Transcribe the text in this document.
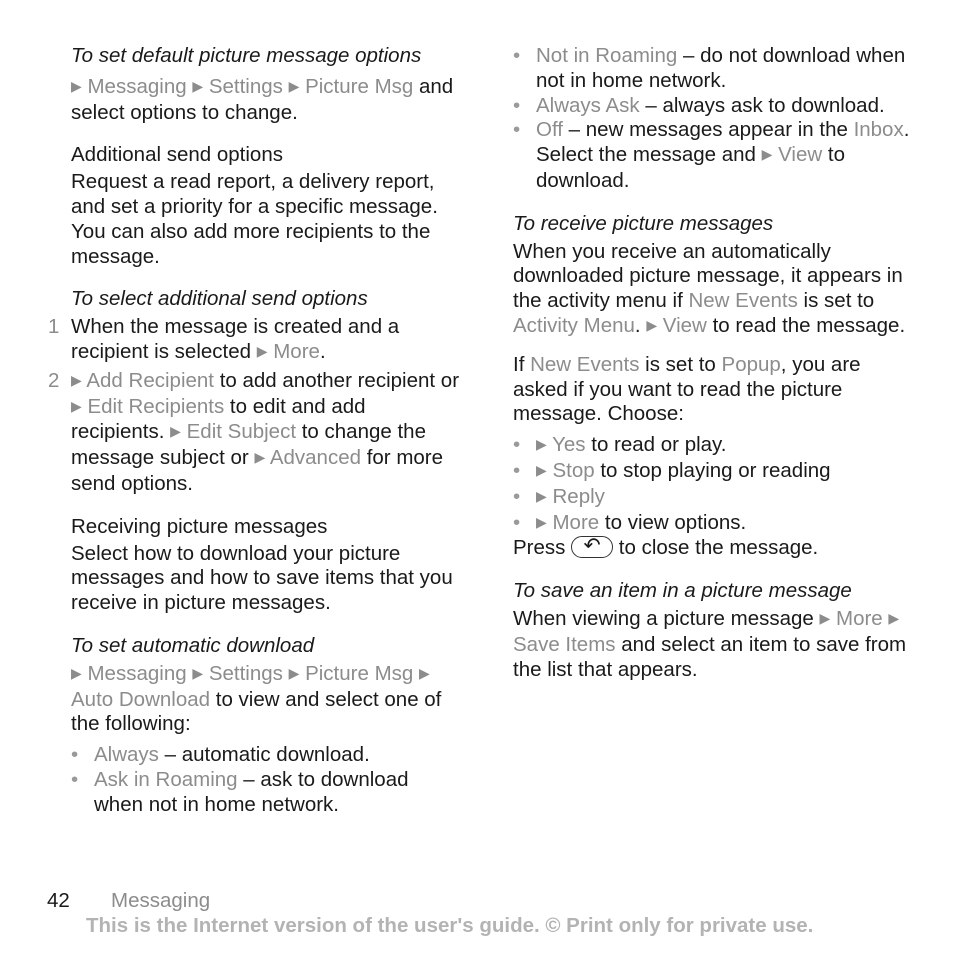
To set default picture message options

▶ Messaging ▶ Settings ▶ Picture Msg and select options to change.

Additional send options

Request a read report, a delivery report, and set a priority for a specific message. You can also add more recipients to the message.

To select additional send options

1 When the message is created and a recipient is selected ▶ More.
2 ▶ Add Recipient to add another recipient or ▶ Edit Recipients to edit and add recipients. ▶ Edit Subject to change the message subject or ▶ Advanced for more send options.

Receiving picture messages

Select how to download your picture messages and how to save items that you receive in picture messages.

To set automatic download

▶ Messaging ▶ Settings ▶ Picture Msg ▶ Auto Download to view and select one of the following:

• Always – automatic download.
• Ask in Roaming – ask to download when not in home network.
• Not in Roaming – do not download when not in home network.
• Always Ask – always ask to download.
• Off – new messages appear in the Inbox. Select the message and ▶ View to download.

To receive picture messages

When you receive an automatically downloaded picture message, it appears in the activity menu if New Events is set to Activity Menu. ▶ View to read the message.

If New Events is set to Popup, you are asked if you want to read the picture message. Choose:

• ▶ Yes to read or play.
• ▶ Stop to stop playing or reading
• ▶ Reply
• ▶ More to view options.

Press ↶ to close the message.

To save an item in a picture message

When viewing a picture message ▶ More ▶ Save Items and select an item to save from the list that appears.

42 Messaging
This is the Internet version of the user's guide. © Print only for private use.
